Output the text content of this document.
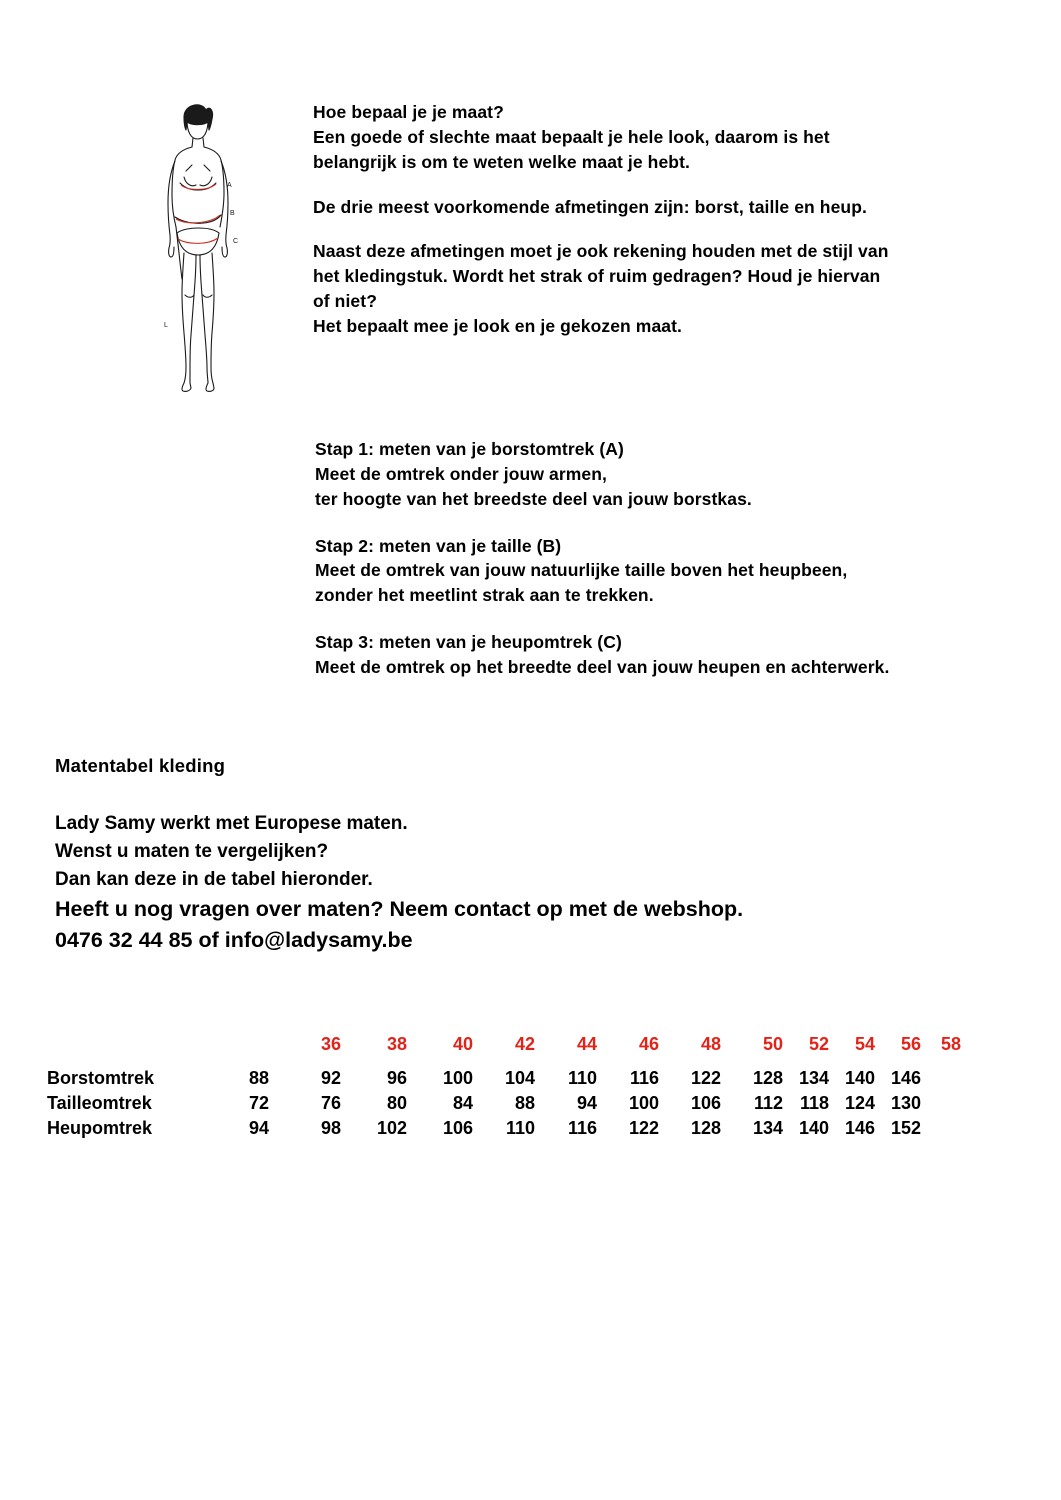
A
B
C
L

Hoe bepaal je je maat?
Een goede of slechte maat bepaalt je hele look, daarom is het
belangrijk is om te weten welke maat je hebt.

De drie meest voorkomende afmetingen zijn: borst, taille en heup.

Naast deze afmetingen moet je ook rekening houden met de stijl van
het kledingstuk. Wordt het strak of ruim gedragen? Houd je hiervan
of niet?
Het bepaalt mee je look en je gekozen maat.

Stap 1: meten van je borstomtrek (A)
Meet de omtrek onder jouw armen,
ter hoogte van het breedste deel van jouw borstkas.

Stap 2: meten van je taille (B)
Meet de omtrek van jouw natuurlijke taille boven het heupbeen,
zonder het meetlint strak aan te trekken.

Stap 3: meten van je heupomtrek (C)
Meet de omtrek op het breedte deel van jouw heupen en achterwerk.

Matentabel kleding
Lady Samy werkt met Europese maten.
Wenst u maten te vergelijken?
Dan kan deze in de tabel hieronder.
Heeft u nog vragen over maten? Neem contact op met de webshop.
0476 32 44 85 of info@ladysamy.be
		36	38	40	42	44	46	48	50	52	54	56	58
Borstomtrek	88	92	96	100	104	110	116	122	128	134	140	146	
Tailleomtrek	72	76	80	84	88	94	100	106	112	118	124	130	
Heupomtrek	94	98	102	106	110	116	122	128	134	140	146	152	
